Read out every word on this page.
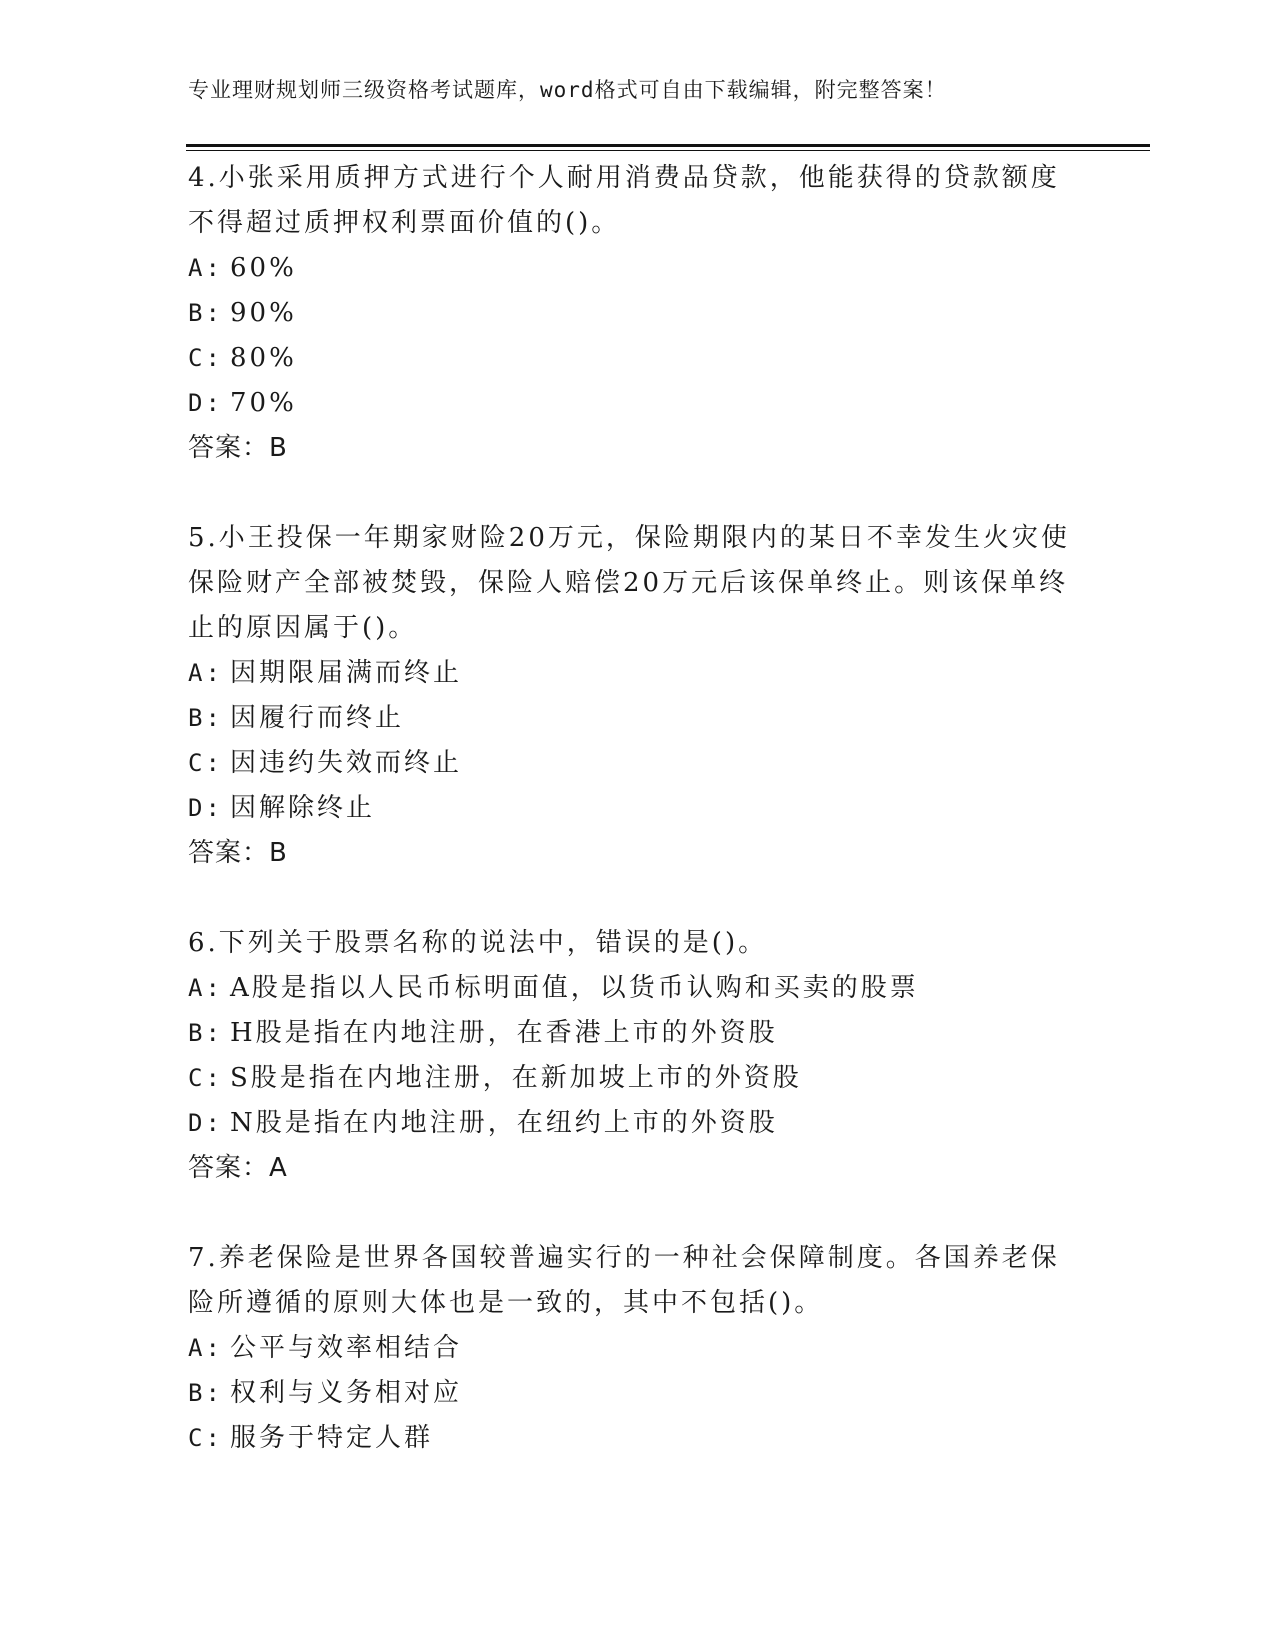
专业理财规划师三级资格考试题库，word格式可自由下载编辑，附完整答案！
4.小张采用质押方式进行个人耐用消费品贷款，他能获得的贷款额度
不得超过质押权利票面价值的()。
A: 60%
B: 90%
C: 80%
D: 70%
答案：B
5.小王投保一年期家财险20万元，保险期限内的某日不幸发生火灾使
保险财产全部被焚毁，保险人赔偿20万元后该保单终止。则该保单终
止的原因属于()。
A: 因期限届满而终止
B: 因履行而终止
C: 因违约失效而终止
D: 因解除终止
答案：B
6.下列关于股票名称的说法中，错误的是()。
A: A股是指以人民币标明面值，以货币认购和买卖的股票
B: H股是指在内地注册，在香港上市的外资股
C: S股是指在内地注册，在新加坡上市的外资股
D: N股是指在内地注册，在纽约上市的外资股
答案：A
7.养老保险是世界各国较普遍实行的一种社会保障制度。各国养老保
险所遵循的原则大体也是一致的，其中不包括()。
A: 公平与效率相结合
B: 权利与义务相对应
C: 服务于特定人群
